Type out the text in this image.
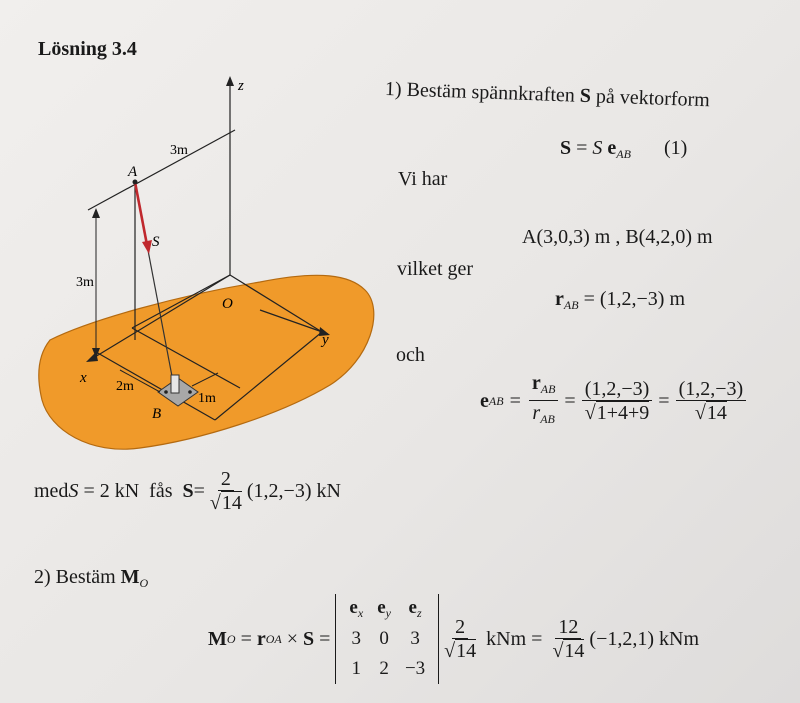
Lösning 3.4
y
x
z
O
3m
3m
S
A
B
2m
1m
1) Bestäm spännkraften S på vektorform
S = S $e_{AB}$ (1)
Vi har
A(3,0,3) m , B(4,2,0) m
vilket ger
$r_{AB} = (1,2,-3)$ m
och
e AB = $\frac{r_{AB}}{r_{AB}} = \frac{(1,2,-3)}{√1+4+9} = \frac{(1,2,-3)}{√14}$
med S = 2 kN  fås $S = \frac{2}{√14} (1,2,-3)$ kN
2) Bestäm $M_O$
M O = r OA × S =
$e_x$	$e_y$	$e_z$
3	0	3
1	2	−3
$\frac{2}{√14}$ kNm = $\frac{12}{√14} (-1,2,1)$ kNm
